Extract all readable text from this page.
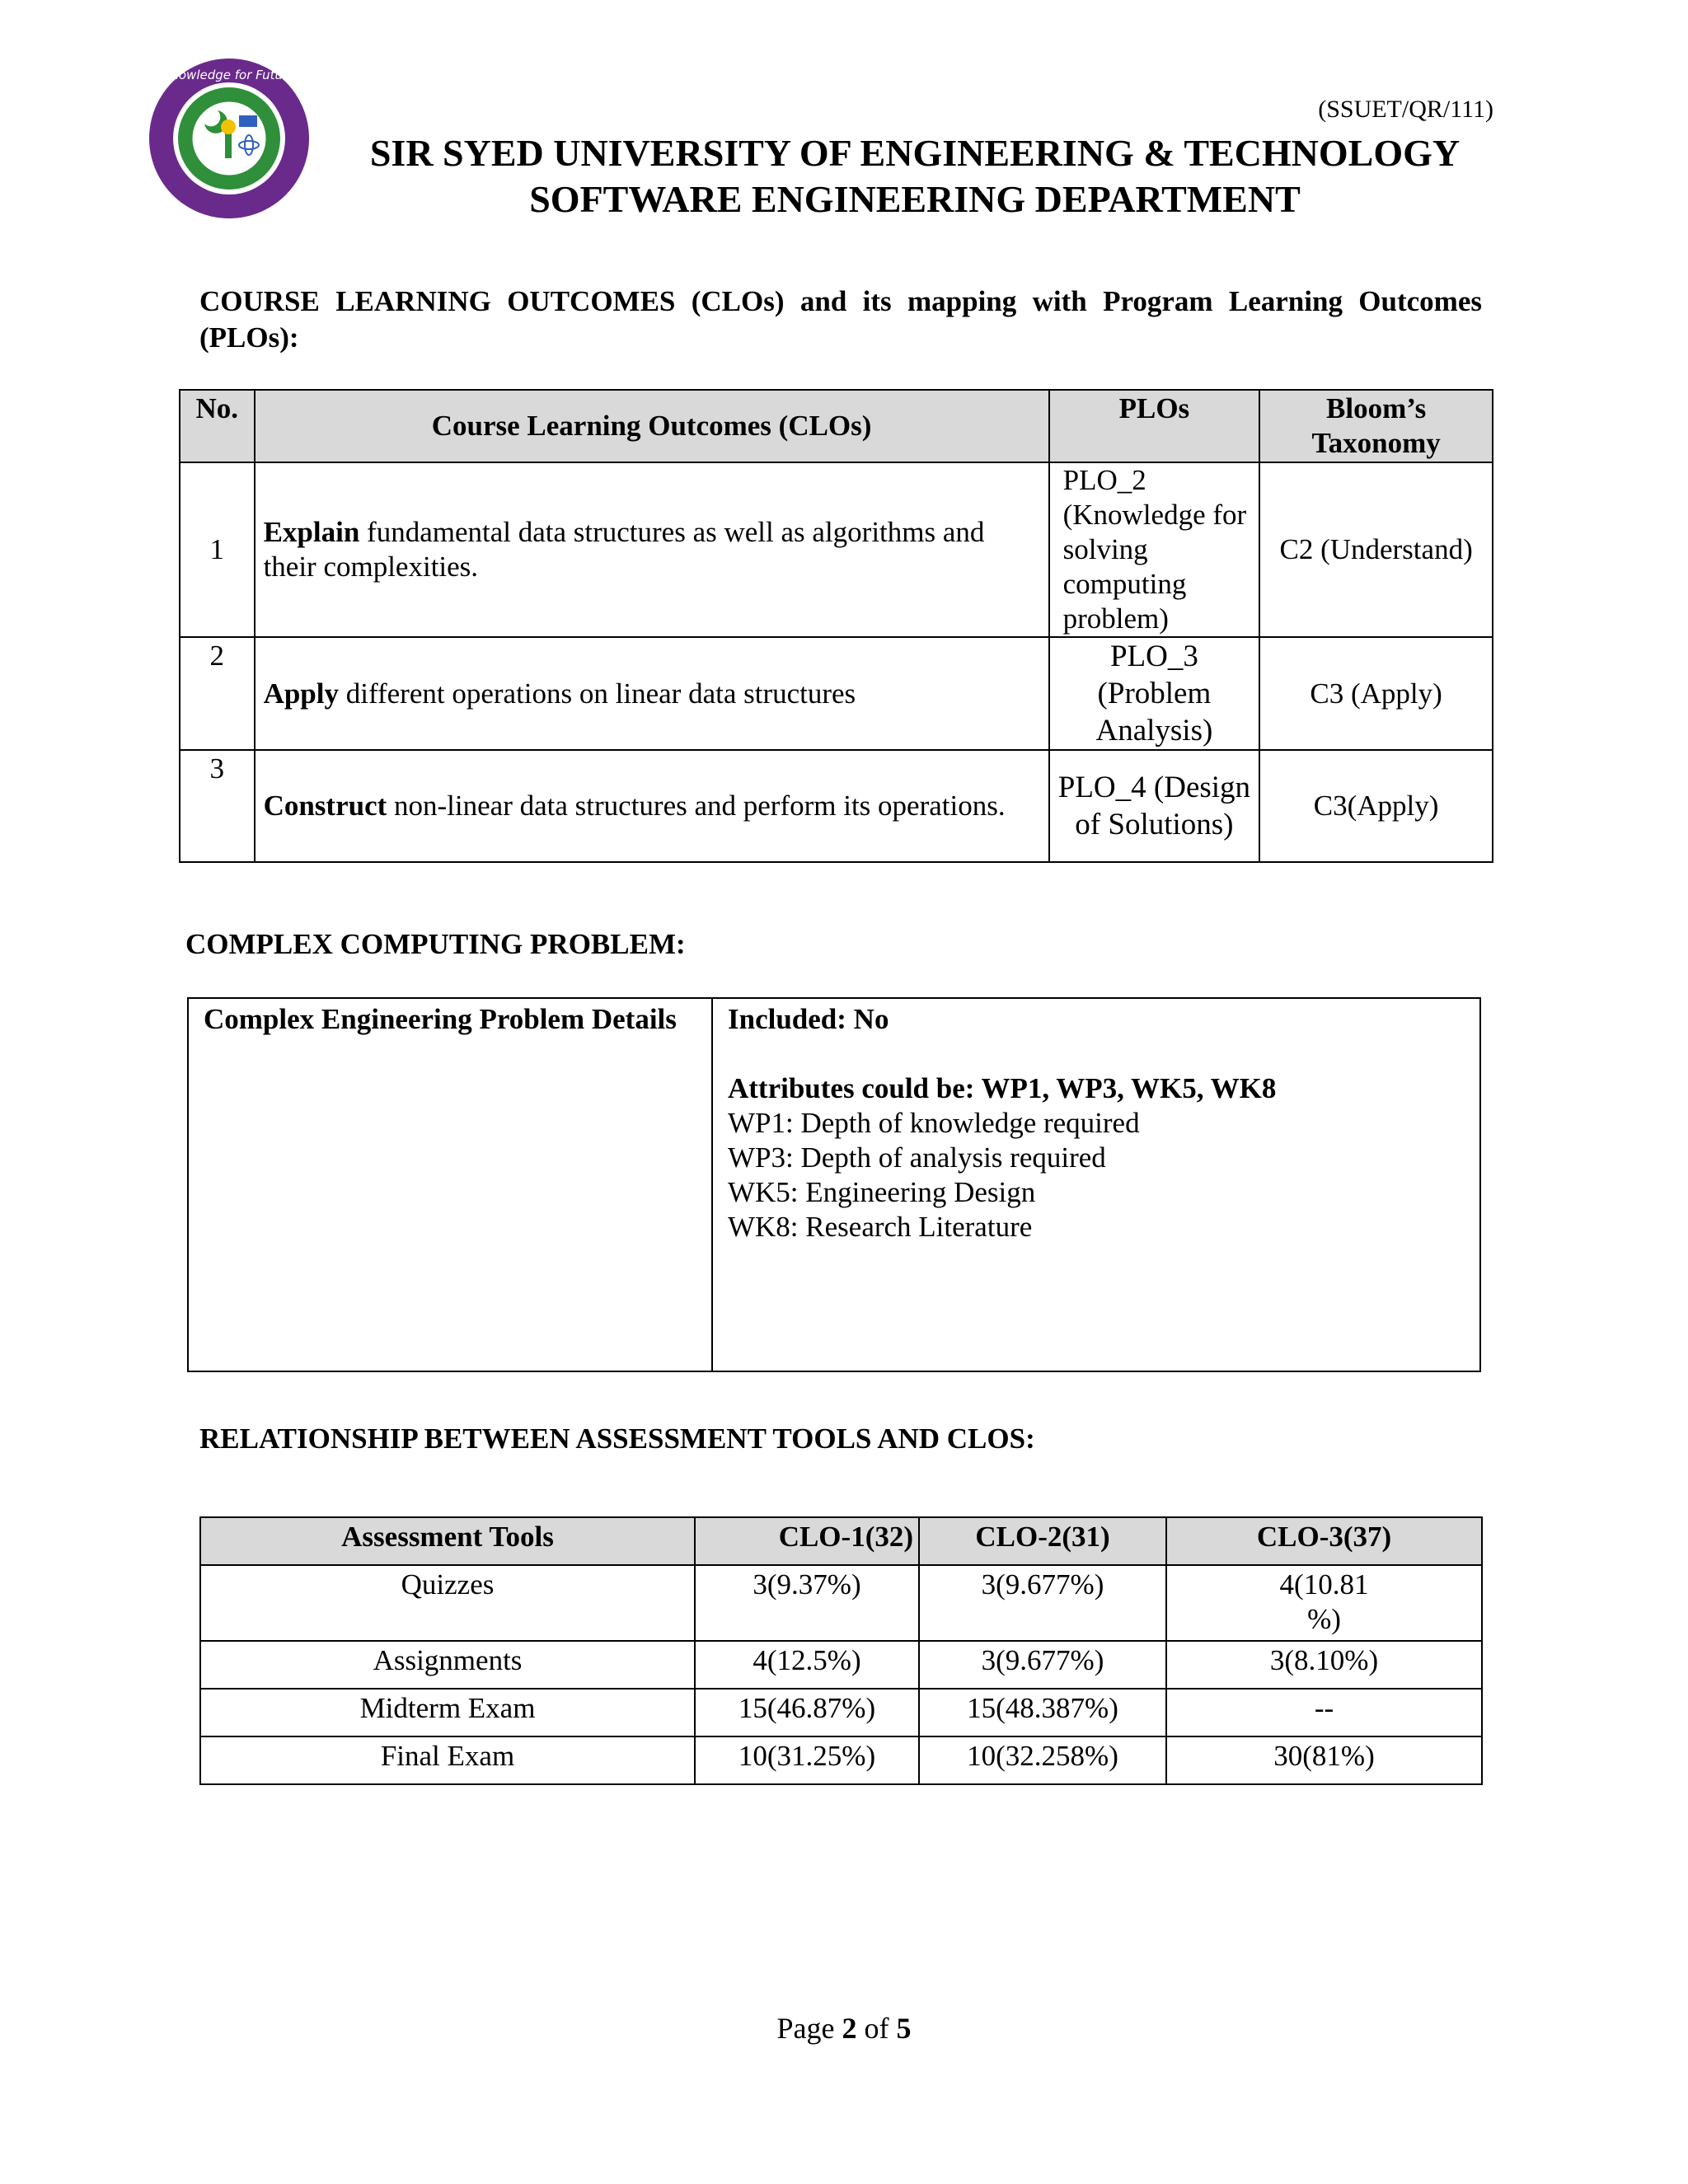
Knowledge for Future
(SSUET/QR/111)
SIR SYED UNIVERSITY OF ENGINEERING & TECHNOLOGY
SOFTWARE ENGINEERING DEPARTMENT
COURSE LEARNING OUTCOMES (CLOs) and its mapping with Program Learning Outcomes
(PLOs):
No.	Course Learning Outcomes (CLOs)	PLOs	Bloom’s Taxonomy
1	Explain fundamental data structures as well as algorithms and their complexities.	PLO_2 (Knowledge for solving computing problem)	C2 (Understand)
2	Apply different operations on linear data structures	PLO_3 (Problem Analysis)	C3 (Apply)
3	Construct non-linear data structures and perform its operations.	PLO_4 (Design of Solutions)	C3(Apply)
COMPLEX COMPUTING PROBLEM:
Complex Engineering Problem Details	Included: No
Attributes could be: WP1, WP3, WK5, WK8
WP1: Depth of knowledge required
WP3: Depth of analysis required
WK5: Engineering Design
WK8: Research Literature
RELATIONSHIP BETWEEN ASSESSMENT TOOLS AND CLOS:
Assessment Tools	CLO-1(32)	CLO-2(31)	CLO-3(37)
Quizzes	3(9.37%)	3(9.677%)	4(10.81 %)
Assignments	4(12.5%)	3(9.677%)	3(8.10%)
Midterm Exam	15(46.87%)	15(48.387%)	--
Final Exam	10(31.25%)	10(32.258%)	30(81%)
Page 2 of 5
